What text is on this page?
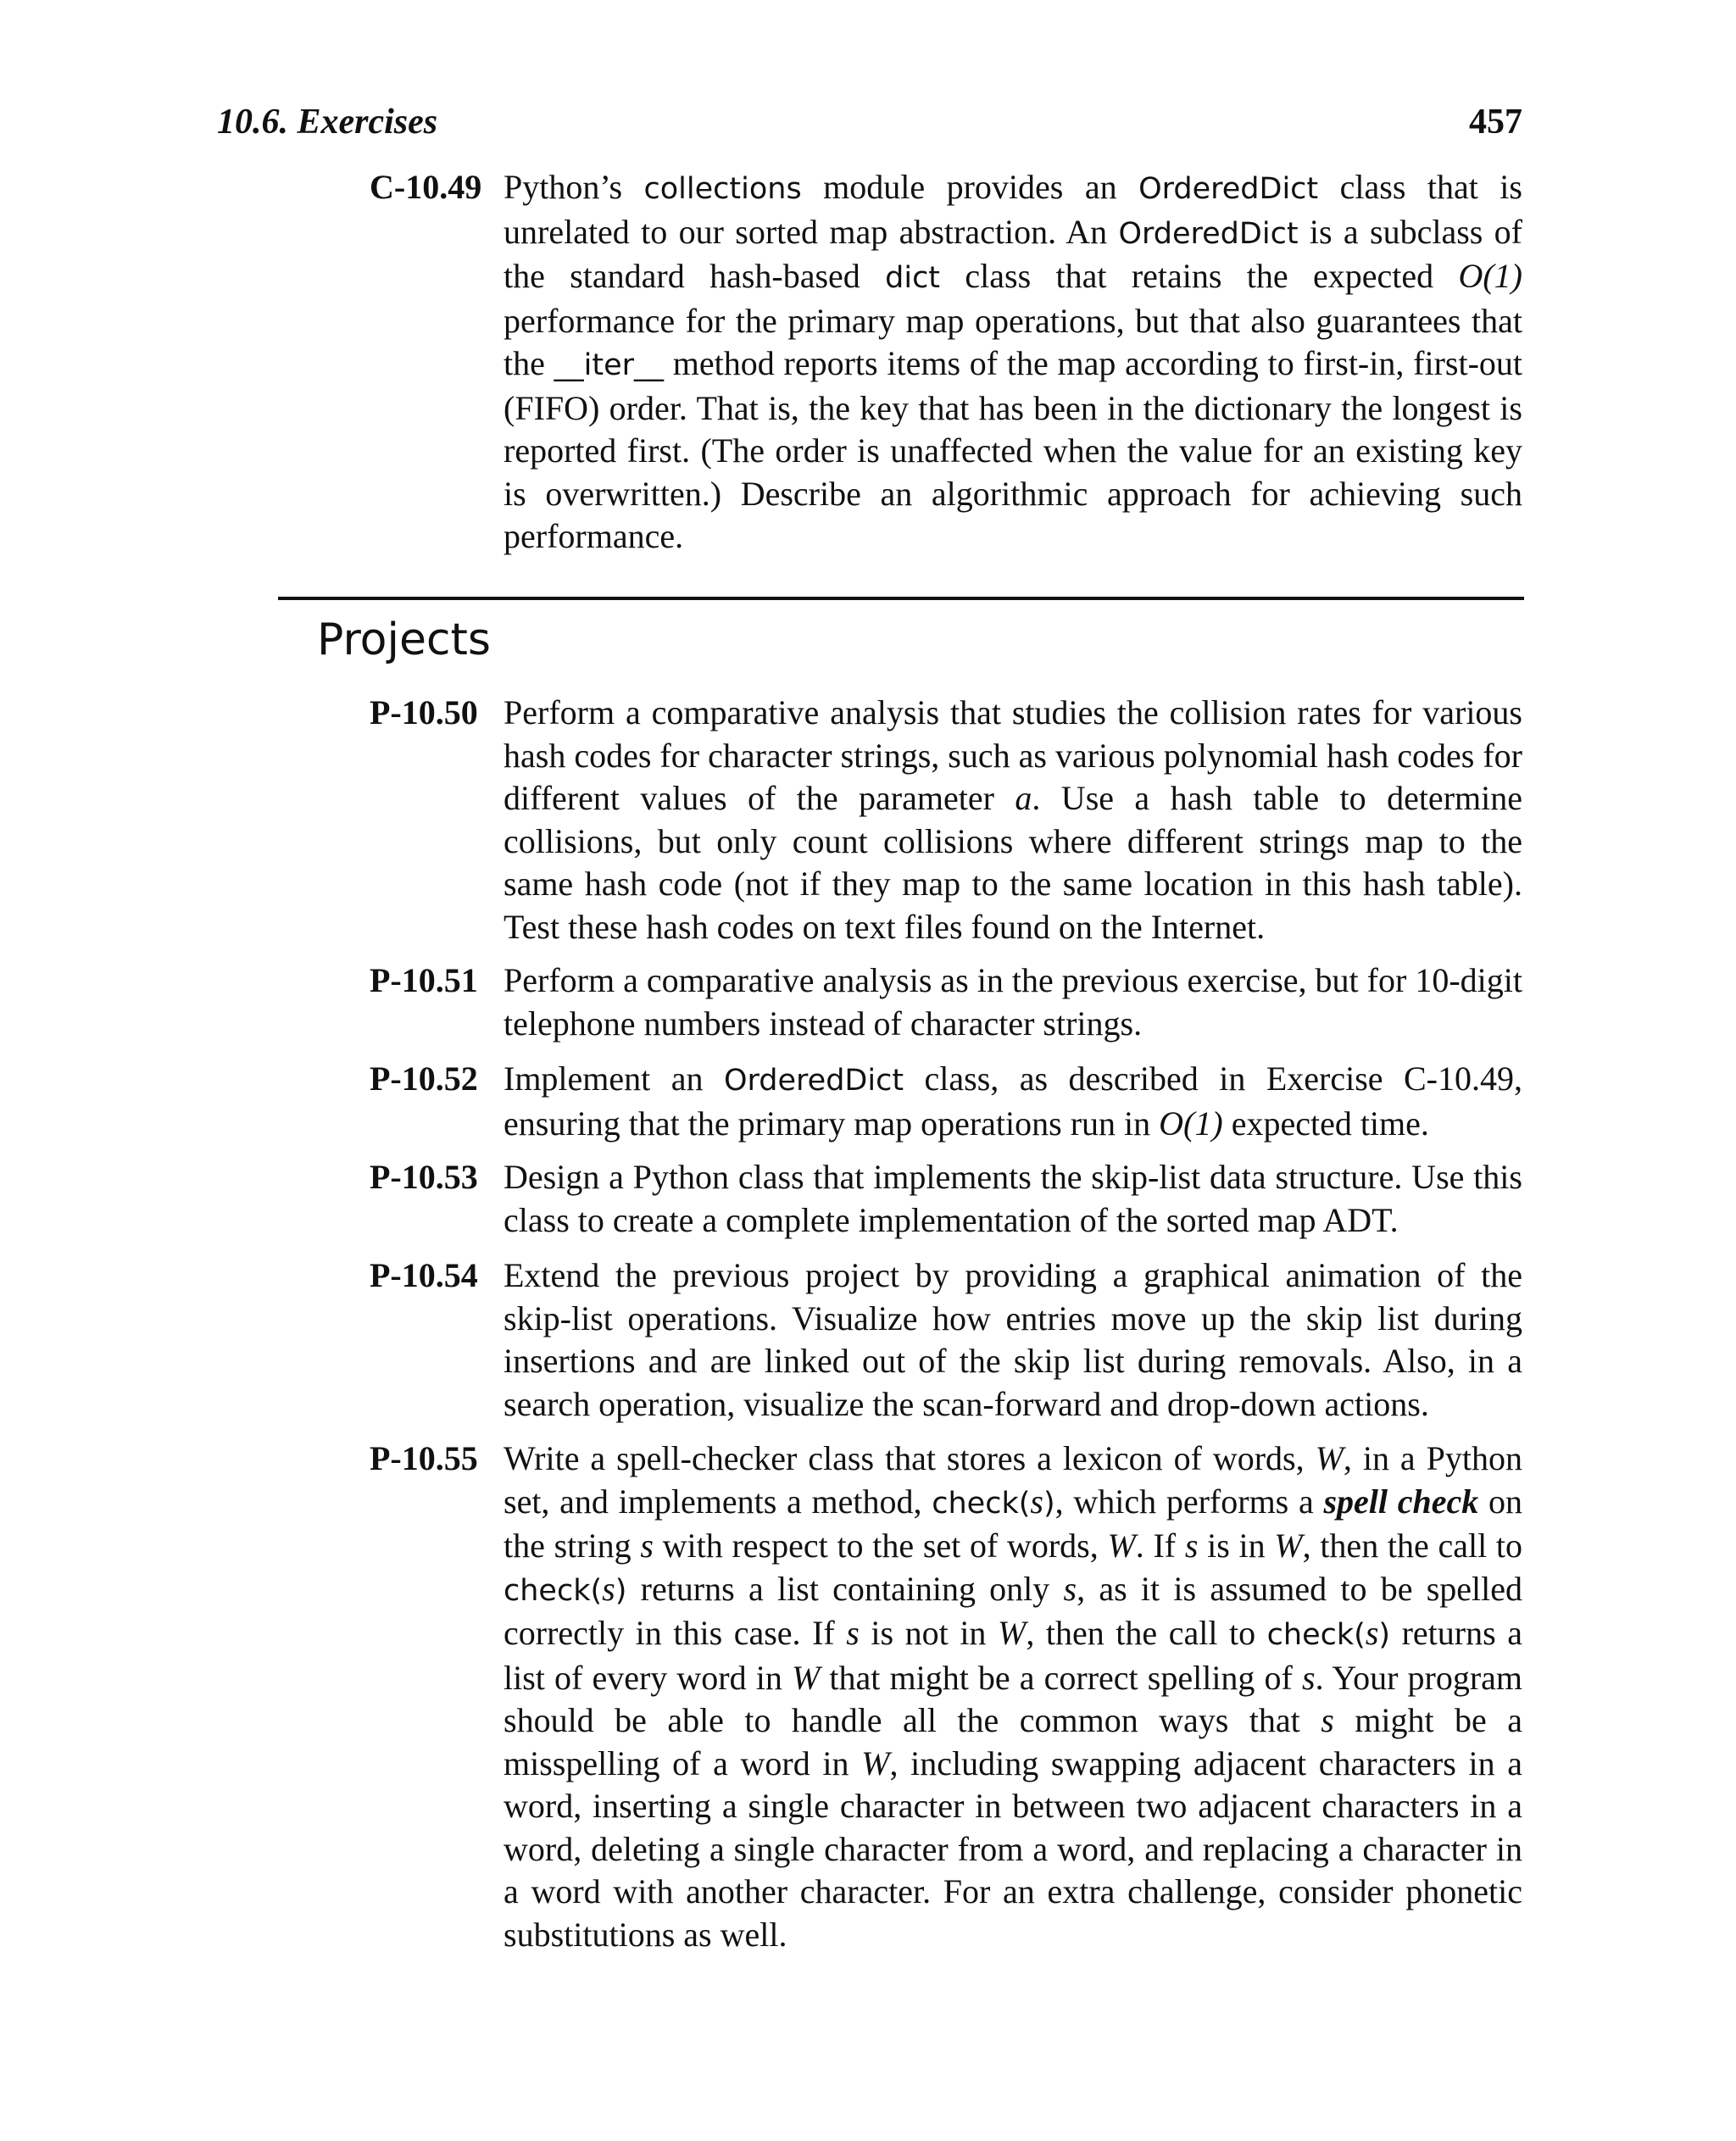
10.6. Exercises	457
C-10.49 Python’s collections module provides an OrderedDict class that is unrelated to our sorted map abstraction. An OrderedDict is a subclass of the standard hash-based dict class that retains the expected O(1) performance for the primary map operations, but that also guarantees that the __iter__ method reports items of the map according to first-in, first-out (FIFO) order. That is, the key that has been in the dictionary the longest is reported first. (The order is unaffected when the value for an existing key is overwritten.) Describe an algorithmic approach for achieving such performance.
Projects
P-10.50 Perform a comparative analysis that studies the collision rates for various hash codes for character strings, such as various polynomial hash codes for different values of the parameter a. Use a hash table to determine collisions, but only count collisions where different strings map to the same hash code (not if they map to the same location in this hash table). Test these hash codes on text files found on the Internet.
P-10.51 Perform a comparative analysis as in the previous exercise, but for 10-digit telephone numbers instead of character strings.
P-10.52 Implement an OrderedDict class, as described in Exercise C-10.49, ensuring that the primary map operations run in O(1) expected time.
P-10.53 Design a Python class that implements the skip-list data structure. Use this class to create a complete implementation of the sorted map ADT.
P-10.54 Extend the previous project by providing a graphical animation of the skip-list operations. Visualize how entries move up the skip list during insertions and are linked out of the skip list during removals. Also, in a search operation, visualize the scan-forward and drop-down actions.
P-10.55 Write a spell-checker class that stores a lexicon of words, W, in a Python set, and implements a method, check(s), which performs a spell check on the string s with respect to the set of words, W. If s is in W, then the call to check(s) returns a list containing only s, as it is assumed to be spelled correctly in this case. If s is not in W, then the call to check(s) returns a list of every word in W that might be a correct spelling of s. Your program should be able to handle all the common ways that s might be a misspelling of a word in W, including swapping adjacent characters in a word, inserting a single character in between two adjacent characters in a word, deleting a single character from a word, and replacing a character in a word with another character. For an extra challenge, consider phonetic substitutions as well.
